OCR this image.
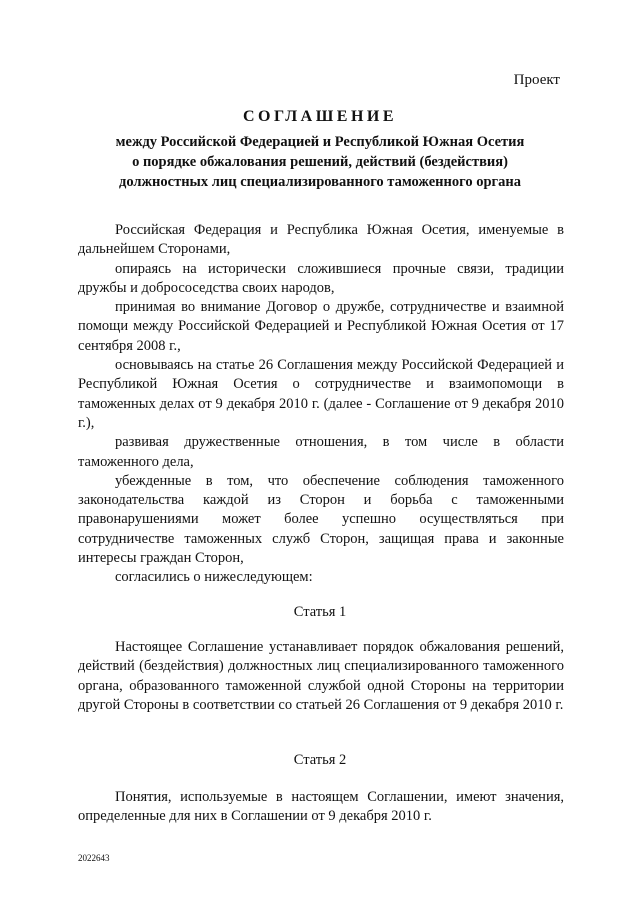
Проект
СОГЛАШЕНИЕ
между Российской Федерацией и Республикой Южная Осетия
о порядке обжалования решений, действий (бездействия)
должностных лиц специализированного таможенного органа

Российская Федерация и Республика Южная Осетия, именуемые в дальнейшем Сторонами,

опираясь на исторически сложившиеся прочные связи, традиции дружбы и добрососедства своих народов,

принимая во внимание Договор о дружбе, сотрудничестве и взаимной помощи между Российской Федерацией и Республикой Южная Осетия от 17 сентября 2008 г.,

основываясь на статье 26 Соглашения между Российской Федерацией и Республикой Южная Осетия о сотрудничестве и взаимопомощи в таможенных делах от 9 декабря 2010 г. (далее - Соглашение от 9 декабря 2010 г.),

развивая дружественные отношения, в том числе в области таможенного дела,

убежденные в том, что обеспечение соблюдения таможенного законодательства каждой из Сторон и борьба с таможенными правонарушениями может более успешно осуществляться при сотрудничестве таможенных служб Сторон, защищая права и законные интересы граждан Сторон,

согласились о нижеследующем:

Статья 1

Настоящее Соглашение устанавливает порядок обжалования решений, действий (бездействия) должностных лиц специализированного таможенного органа, образованного таможенной службой одной Стороны на территории другой Стороны в соответствии со статьей 26 Соглашения от 9 декабря 2010 г.

Статья 2

Понятия, используемые в настоящем Соглашении, имеют значения, определенные для них в Соглашении от 9 декабря 2010 г.

2022643
